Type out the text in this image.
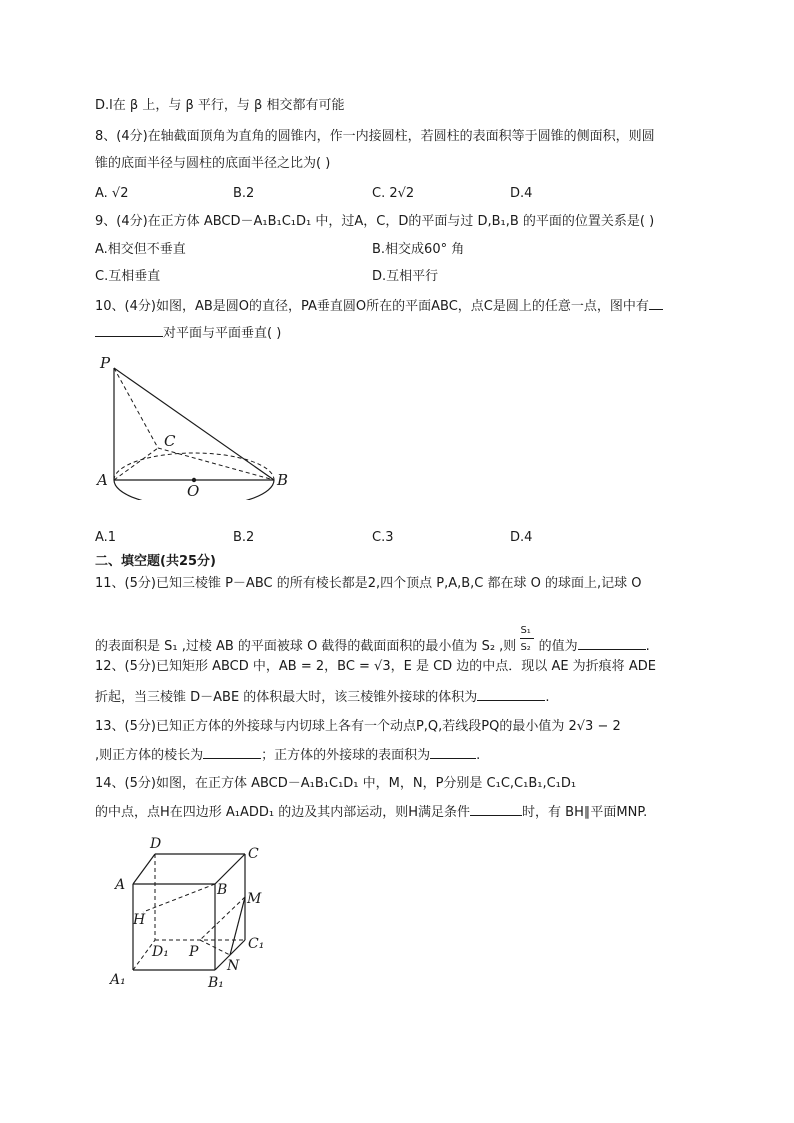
D.l在 β 上，与 β 平行，与 β 相交都有可能
8、(4分)在轴截面顶角为直角的圆锥内，作一内接圆柱，若圆柱的表面积等于圆锥的侧面积，则圆
锥的底面半径与圆柱的底面半径之比为( )
A. √2	B.2	C. 2√2	D.4
9、(4分)在正方体 ABCD－A₁B₁C₁D₁ 中，过A，C，D的平面与过 D,B₁,B 的平面的位置关系是( )
A.相交但不垂直	B.相交成60° 角
C.互相垂直	D.互相平行
10、(4分)如图，AB是圆O的直径，PA垂直圆O所在的平面ABC，点C是圆上的任意一点，图中有
对平面与平面垂直( )
P
C
A
O
B
A.1	B.2	C.3	D.4
二、填空题(共25分)
11、(5分)已知三棱锥 P－ABC 的所有棱长都是2,四个顶点 P,A,B,C 都在球 O 的球面上,记球 O
的表面积是 S₁ ,过棱 AB 的平面被球 O 截得的截面面积的最小值为 S₂ ,则 $\frac{\text{S₁}}{\text{S₂}}$ 的值为	.
12、(5分)已知矩形 ABCD 中，AB = 2，BC = √3，E 是 CD 边的中点．现以 AE 为折痕将 ADE
折起，当三棱锥 D－ABE 的体积最大时，该三棱锥外接球的体积为	.
13、(5分)已知正方体的外接球与内切球上各有一个动点P,Q,若线段PQ的最小值为 2√3 − 2
,则正方体的棱长为	；正方体的外接球的表面积为	.
14、(5分)如图，在正方体 ABCD－A₁B₁C₁D₁ 中，M，N，P分别是 C₁C,C₁B₁,C₁D₁
的中点，点H在四边形 A₁ADD₁ 的边及其内部运动，则H满足条件	时，有 BH∥平面MNP.
D
C
A	B
H
M
D₁ P	C₁
N
A₁	B₁
